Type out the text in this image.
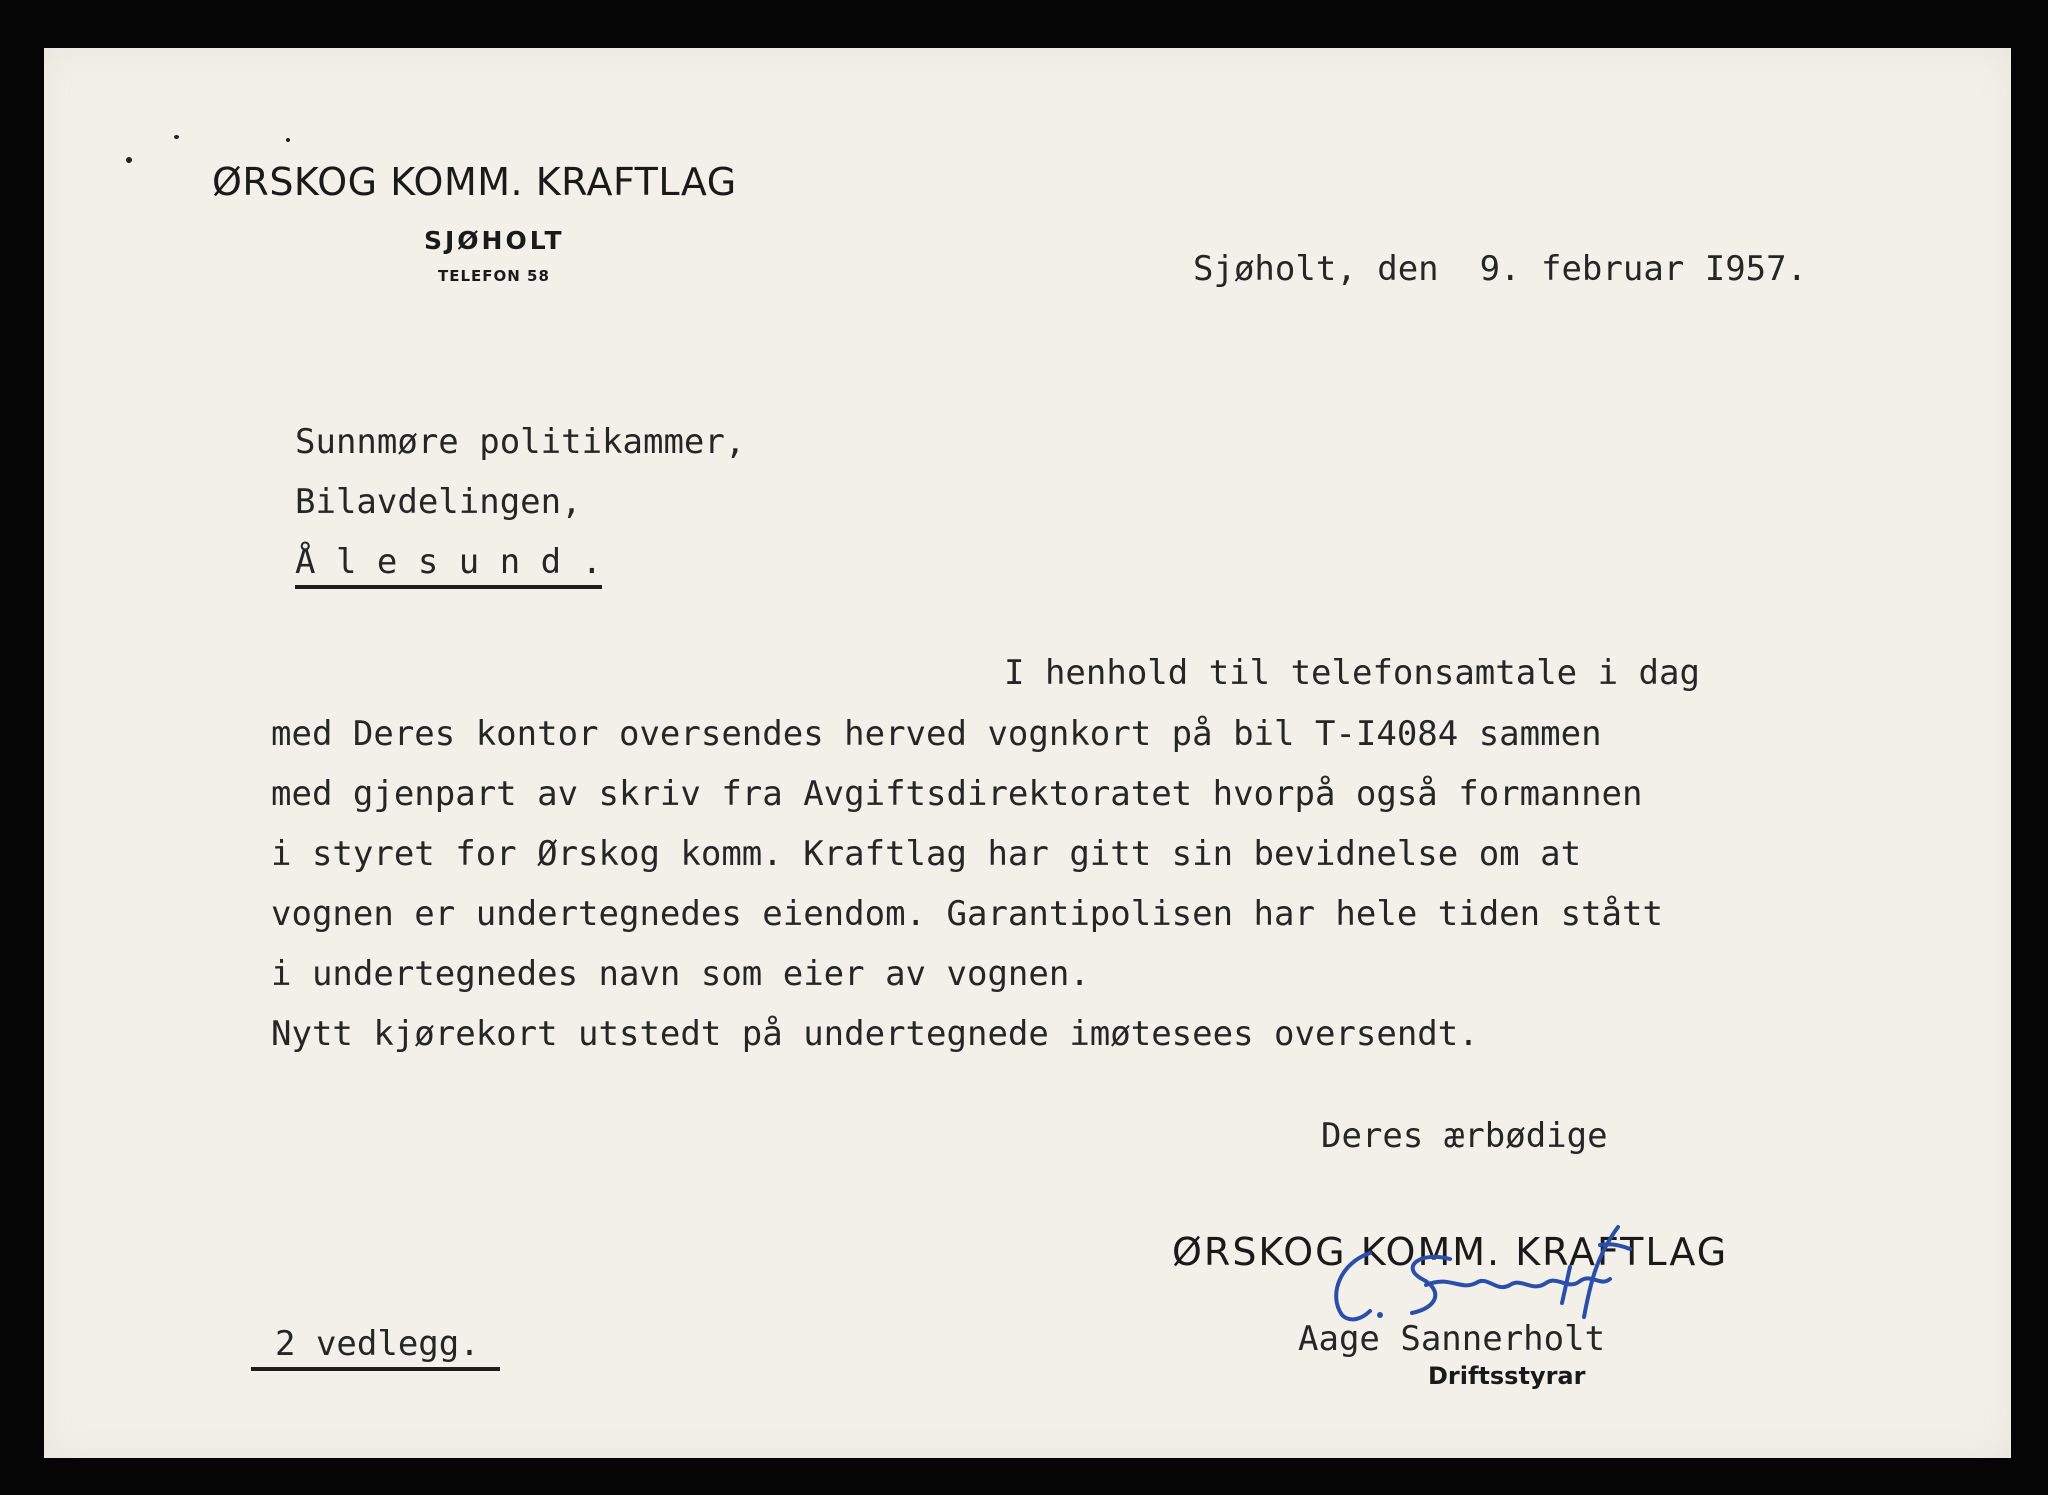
ØRSKOG KOMM. KRAFTLAG
SJØHOLT
TELEFON 58	Sjøholt, den  9. februar I957.
Sunnmøre politikammer,
Bilavdelingen,
Å l e s u n d .
I henhold til telefonsamtale i dag
med Deres kontor oversendes herved vognkort på bil T-I4084 sammen
med gjenpart av skriv fra Avgiftsdirektoratet hvorpå også formannen
i styret for Ørskog komm. Kraftlag har gitt sin bevidnelse om at
vognen er undertegnedes eiendom. Garantipolisen har hele tiden stått
i undertegnedes navn som eier av vognen.
Nytt kjørekort utstedt på undertegnede imøtesees oversendt.
Deres ærbødige
ØRSKOG KOMM. KRAFTLAG
Aage Sannerholt
Driftsstyrar
2 vedlegg.
